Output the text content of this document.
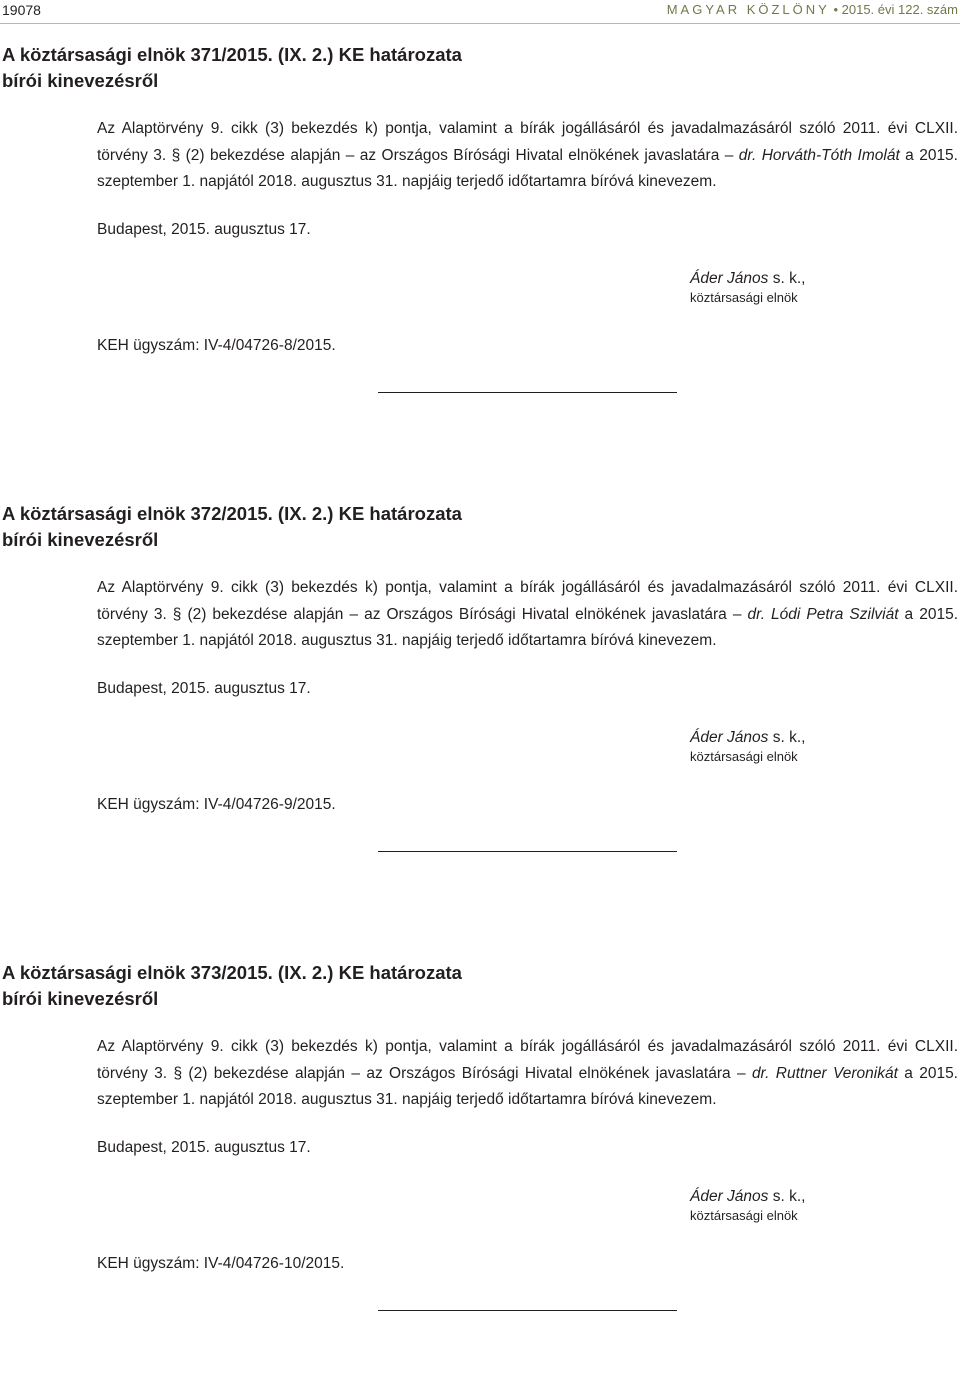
19078	MAGYAR KÖZLÖNY • 2015. évi 122. szám
A köztársasági elnök 371/2015. (IX. 2.) KE határozata
bírói kinevezésről

Az Alaptörvény 9. cikk (3) bekezdés k) pontja, valamint a bírák jogállásáról és javadalmazásáról szóló 2011. évi CLXII. törvény 3. § (2) bekezdése alapján – az Országos Bírósági Hivatal elnökének javaslatára – dr. Horváth-Tóth Imolát a 2015. szeptember 1. napjától 2018. augusztus 31. napjáig terjedő időtartamra bíróvá kinevezem.

Budapest, 2015. augusztus 17.
Áder János s. k.,
köztársasági elnök
KEH ügyszám: IV-4/04726-8/2015.
A köztársasági elnök 372/2015. (IX. 2.) KE határozata
bírói kinevezésről

Az Alaptörvény 9. cikk (3) bekezdés k) pontja, valamint a bírák jogállásáról és javadalmazásáról szóló 2011. évi CLXII. törvény 3. § (2) bekezdése alapján – az Országos Bírósági Hivatal elnökének javaslatára – dr. Lódi Petra Szilviát a 2015. szeptember 1. napjától 2018. augusztus 31. napjáig terjedő időtartamra bíróvá kinevezem.

Budapest, 2015. augusztus 17.
Áder János s. k.,
köztársasági elnök
KEH ügyszám: IV-4/04726-9/2015.
A köztársasági elnök 373/2015. (IX. 2.) KE határozata
bírói kinevezésről

Az Alaptörvény 9. cikk (3) bekezdés k) pontja, valamint a bírák jogállásáról és javadalmazásáról szóló 2011. évi CLXII. törvény 3. § (2) bekezdése alapján – az Országos Bírósági Hivatal elnökének javaslatára – dr. Ruttner Veronikát a 2015. szeptember 1. napjától 2018. augusztus 31. napjáig terjedő időtartamra bíróvá kinevezem.

Budapest, 2015. augusztus 17.
Áder János s. k.,
köztársasági elnök
KEH ügyszám: IV-4/04726-10/2015.
